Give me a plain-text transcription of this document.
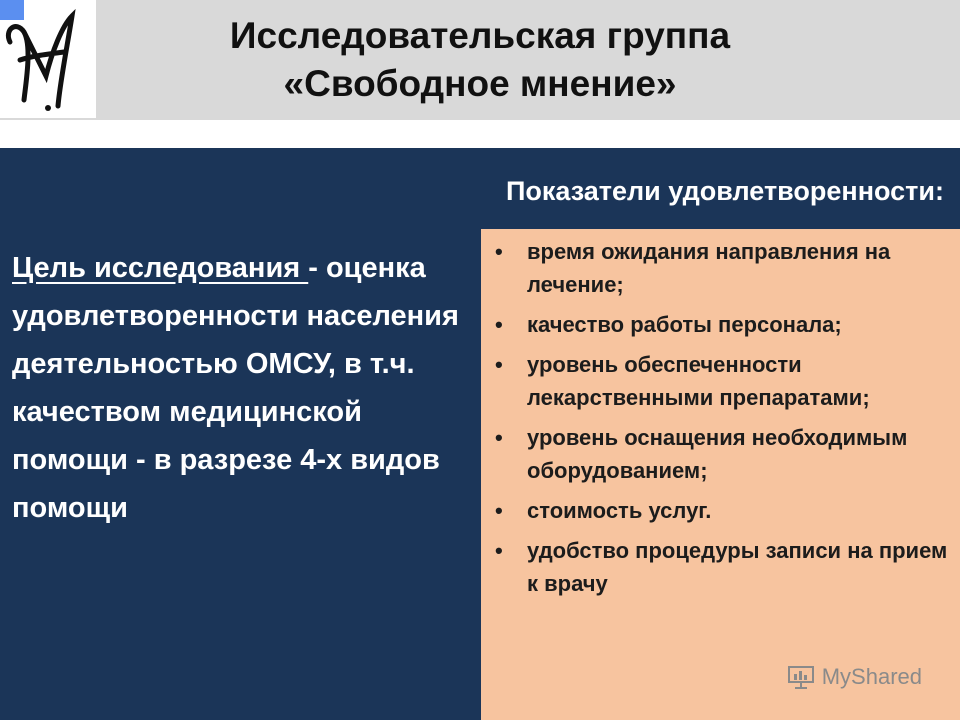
Исследовательская группа
«Свободное мнение»
Показатели удовлетворенности:
Цель исследования - оценка удовлетворенности населения деятельностью ОМСУ, в т.ч. качеством медицинской помощи - в разрезе 4-х видов помощи
• время ожидания направления на лечение;
• качество работы персонала;
• уровень обеспеченности лекарственными препаратами;
• уровень оснащения необходимым оборудованием;
• стоимость услуг.
• удобство процедуры записи на прием к врачу
MyShared
